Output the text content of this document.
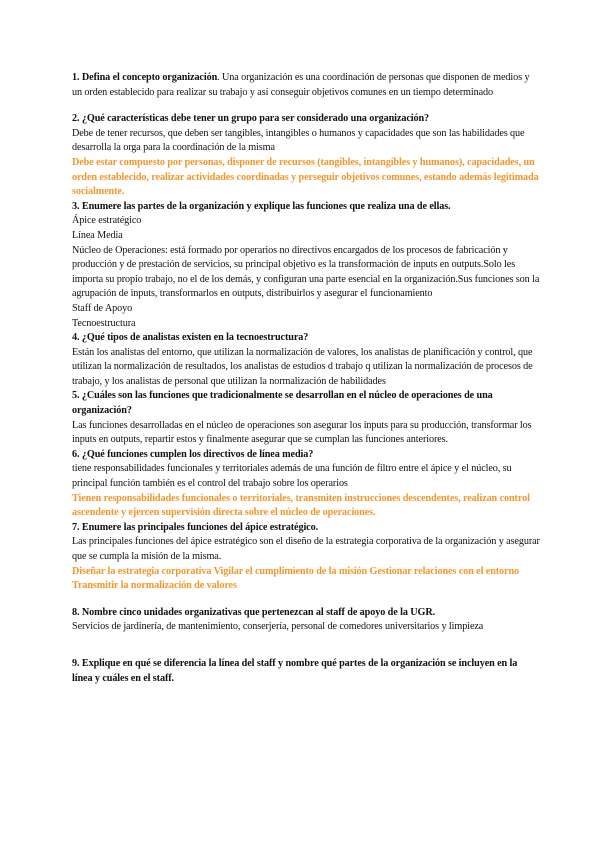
1. Defina el concepto organización. Una organización es una coordinación de personas que disponen de medios y un orden establecido para realizar su trabajo y así conseguir objetivos comunes en un tiempo determinado

2. ¿Qué características debe tener un grupo para ser considerado una organización?

Debe de tener recursos, que deben ser tangibles, intangibles o humanos y capacidades que son las habilidades que desarrolla la orga para la coordinación de la misma

Debe estar compuesto por personas, disponer de recursos (tangibles, intangibles y humanos), capacidades, un orden establecido, realizar actividades coordinadas y perseguir objetivos comunes, estando además legitimada socialmente.

3. Enumere las partes de la organización y explique las funciones que realiza una de ellas.

Ápice estratégico

Línea Media

Núcleo de Operaciones: está formado por operarios no directivos encargados de los procesos de fabricación y producción y de prestación de servicios, su principal objetivo es la transformación de inputs en outputs.Solo les importa su propio trabajo, no el de los demás, y configuran una parte esencial en la organización.Sus funciones son la agrupación de inputs, transformarlos en outputs, distribuirlos y asegurar el funcionamiento

Staff de Apoyo

Tecnoestructura

4. ¿Qué tipos de analistas existen en la tecnoestructura?

Están los analistas del entorno, que utilizan la normalización de valores, los analistas de planificación y control, que utilizan la normalización de resultados, los analistas de estudios d trabajo q utilizan la normalización de procesos de trabajo, y los analistas de personal que utilizan la normalización de habilidades

5. ¿Cuáles son las funciones que tradicionalmente se desarrollan en el núcleo de operaciones de una organización?

Las funciones desarrolladas en el núcleo de operaciones son asegurar los inputs para su producción, transformar los inputs en outputs, repartir estos y finalmente asegurar que se cumplan las funciones anteriores.

6. ¿Qué funciones cumplen los directivos de línea media?

tiene responsabilidades funcionales y territoriales además de una función de filtro entre el ápice y el núcleo, su principal función también es el control del trabajo sobre los operarios

Tienen responsabilidades funcionales o territoriales, transmiten instrucciones descendentes, realizan control ascendente y ejercen supervisión directa sobre el núcleo de operaciones.

7. Enumere las principales funciones del ápice estratégico.

Las principales funciones del ápice estratégico son el diseño de la estrategia corporativa de la organización y asegurar que se cumpla la misión de la misma.

Diseñar la estrategia corporativa Vigilar el cumplimiento de la misión Gestionar relaciones con el entorno Transmitir la normalización de valores

8. Nombre cinco unidades organizativas que pertenezcan al staff de apoyo de la UGR.

Servicios de jardinería, de mantenimiento, conserjería, personal de comedores universitarios y limpieza

9. Explique en qué se diferencia la línea del staff y nombre qué partes de la organización se incluyen en la línea y cuáles en el staff.
